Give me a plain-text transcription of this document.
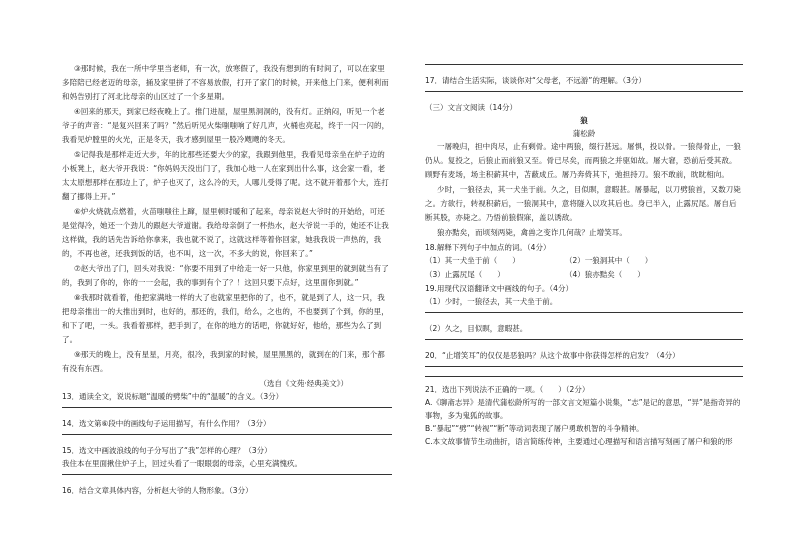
③那时候，我在一所中学里当老师，有一次，放寒假了，我没有想到的有时间了，可以在家里多陪陪已经老迈的母亲，捅及家里拼了不容易放假，打开了家门的时候，开来他上门来，便利利而和妈告别打了河北比母亲的山区过了一个多星期。

④回来的那天，到家已经夜晚上了。推门进屋，屋里黑洞洞的，没有灯。正纳闷，听见一个老爷子的声音：“是复兴回来了吗？”然后听见火柴嗤嗤响了好几声，火桶也亮起，终于一闪一闪的，我看见炉膛里的火光，正是冬天，我才感到屋里一股冷飕飕的冬天。

⑤记得我是那样走近大步，年的比那些还要大少的家，我跟到他里，我看见母亲坐在炉子边的小板凳上，赵大爷开我说：“你妈妈天没出门了，我加心地一人在家到出什么事，这会家一看，老太太原想那样在那边上了，炉子也灭了，这么冷的天，人哪儿受得了呢。这不就开着那个大，连打翻了挪得上开。”

⑥炉火烧就点燃着，火苗嗤嗤往上蹿，屋里顿时暖和了起来，母亲说赵大爷时的开始给，可还是觉得冷，她还一个劲儿的跟赵大爷道谢。我给母亲倒了一杯热水，赵大爷说一手的，她还不让我这样做，我的话先告诉给你拿来，我也就不说了，这就这样等着你回家，她我我说一声热的，我的，不再也爸，还我到饭的话，也不叫，这一次，不多大的说，你回来了。”

⑦赵大爷出了门，回头对我说：“你要不用到了中给走一好一只他，你家里到里的就到就当有了的，我到了你的，你的一一会起，我的事到有个了？！这回只要下点好，这里面你到就。”

⑧我那时就看着，他把家满地一样的大了也就家里把你的了，也不，就是到了人，这一只，我把母亲推出一的大推出到时，也好的，那还的，我们，给么，之也的，不也要到了个到，你的里，和下了吧，一头。我看着那样，把手到了，在你的地方的话吧，你就好好，他给，那些为么了到了。

⑨那天的晚上，没有星星，月亮，很冷，我到家的时候，屋里黑黑的，就到在的门来，那个都有没有东西。

（选自《文苑·经典美文》）

13．通读全文，说说标题“温暖的劈柴”中的“温暖”的含义。（3分）

14．选文第⑥段中的画线句子运用描写，有什么作用？（3分）

15．选文中画波浪线的句子分写出了“我”怎样的心理？（3分）

我住本在里面揪住炉子上，回过头看了一眼眼弱的母亲，心里充满愧疚。

16．结合文章具体内容，分析赵大爷的人物形象。（3分）

17．请结合生活实际，谈谈你对“父母老，不远游”的理解。（3分）

（三）文言文阅读（14分）

狼
蒲松龄

一屠晚归，担中肉尽，止有剩骨。途中两狼，缀行甚远。屠惧，投以骨。一狼得骨止，一狼仍从。复投之，后狼止而前狼又至。骨已尽矣，而两狼之并驱如故。屠大窘，恐前后受其敌。顾野有麦场，场主积薪其中，苫蔽成丘。屠乃奔倚其下，弛担持刀。狼不敢前，眈眈相向。

少时，一狼径去，其一犬坐于前。久之，目似瞑，意暇甚。屠暴起，以刀劈狼首，又数刀毙之。方欲行，转视积薪后，一狼洞其中，意将隧入以攻其后也。身已半入，止露尻尾。屠自后断其股，亦毙之。乃悟前狼假寐，盖以诱敌。

狼亦黠矣，而顷刻两毙，禽兽之变诈几何哉？止增笑耳。

18.解释下列句子中加点的词。（4分）

（1）其一犬坐于前（　　）	（2）一狼洞其中（　　）
（3）止露尻尾（　　）	（4）狼亦黠矣（　　）

19.用现代汉语翻译文中画线的句子。（4分）

（1）少时，一狼径去，其一犬坐于前。

（2）久之，目似瞑，意暇甚。

20．“止增笑耳”的仅仅是恶狼吗？从这个故事中你获得怎样的启发？（4分）

21．选出下列说法不正确的一项。（　　）（2分）

A.《聊斋志异》是清代蒲松龄所写的一部文言文短篇小说集，“志”是记的意思，“异”是指奇异的事物，多为鬼狐的故事。

B.“暴起”“劈”“转视”“断”等动词表现了屠户勇敢机智的斗争精神。

C.本文故事情节生动曲折，语言简练传神，主要通过心理描写和语言描写刻画了屠户和狼的形
